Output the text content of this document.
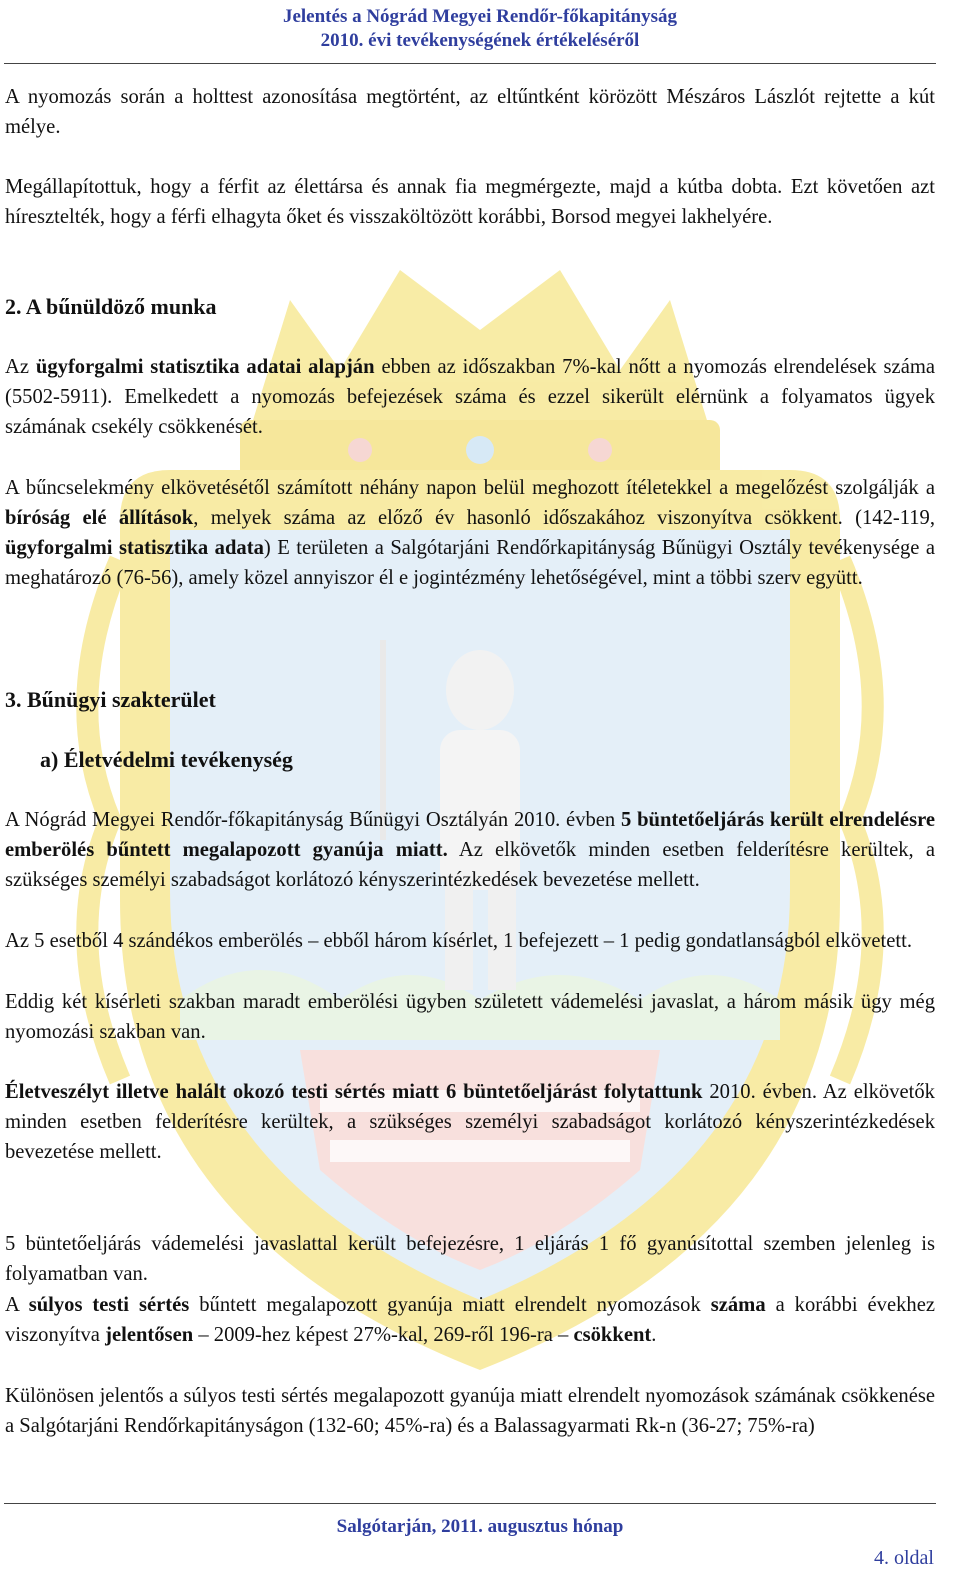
Jelentés a Nógrád Megyei Rendőr-főkapitányság
2010. évi tevékenységének értékeléséről

A nyomozás során a holttest azonosítása megtörtént, az eltűntként körözött Mészáros Lászlót rejtette a kút mélye.

Megállapítottuk, hogy a férfit az élettársa és annak fia megmérgezte, majd a kútba dobta. Ezt követően azt híresztelték, hogy a férfi elhagyta őket és visszaköltözött korábbi, Borsod megyei lakhelyére.

2. A bűnüldöző munka

Az ügyforgalmi statisztika adatai alapján ebben az időszakban 7%-kal nőtt a nyomozás elrendelések száma (5502-5911). Emelkedett a nyomozás befejezések száma és ezzel sikerült elérnünk a folyamatos ügyek számának csekély csökkenését.

A bűncselekmény elkövetésétől számított néhány napon belül meghozott ítéletekkel a megelőzést szolgálják a bíróság elé állítások, melyek száma az előző év hasonló időszakához viszonyítva csökkent. (142-119, ügyforgalmi statisztika adata) E területen a Salgótarjáni Rendőrkapitányság Bűnügyi Osztály tevékenysége a meghatározó (76-56), amely közel annyiszor él e jogintézmény lehetőségével, mint a többi szerv együtt.

3. Bűnügyi szakterület
a) Életvédelmi tevékenység

A Nógrád Megyei Rendőr-főkapitányság Bűnügyi Osztályán 2010. évben 5 büntetőeljárás került elrendelésre emberölés bűntett megalapozott gyanúja miatt. Az elkövetők minden esetben felderítésre kerültek, a szükséges személyi szabadságot korlátozó kényszerintézkedések bevezetése mellett.

Az 5 esetből 4 szándékos emberölés – ebből három kísérlet, 1 befejezett – 1 pedig gondatlanságból elkövetett.

Eddig két kísérleti szakban maradt emberölési ügyben született vádemelési javaslat, a három másik ügy még nyomozási szakban van.

Életveszélyt illetve halált okozó testi sértés miatt 6 büntetőeljárást folytattunk 2010. évben. Az elkövetők minden esetben felderítésre kerültek, a szükséges személyi szabadságot korlátozó kényszerintézkedések bevezetése mellett.

5 büntetőeljárás vádemelési javaslattal került befejezésre, 1 eljárás 1 fő gyanúsítottal szemben jelenleg is folyamatban van.

A súlyos testi sértés bűntett megalapozott gyanúja miatt elrendelt nyomozások száma a korábbi évekhez viszonyítva jelentősen – 2009-hez képest 27%-kal, 269-ről 196-ra – csökkent.

Különösen jelentős a súlyos testi sértés megalapozott gyanúja miatt elrendelt nyomozások számának csökkenése a Salgótarjáni Rendőrkapitányságon (132-60; 45%-ra) és a Balassagyarmati Rk-n (36-27; 75%-ra)

Salgótarján, 2011. augusztus hónap
4. oldal
